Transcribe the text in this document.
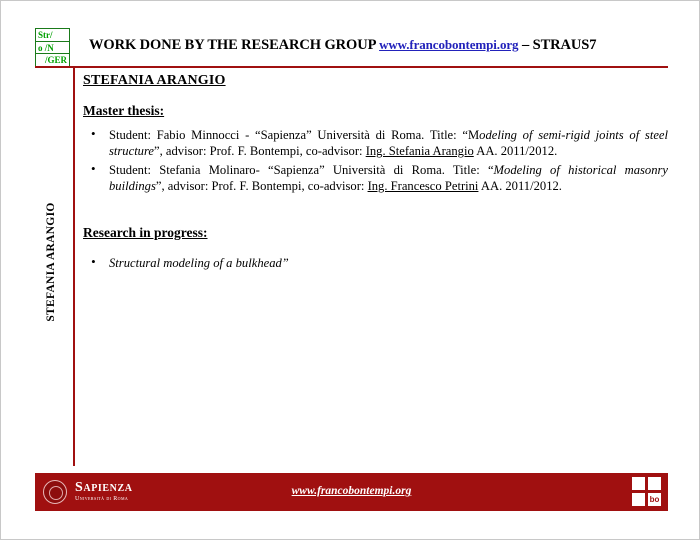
Str/
o /N
/GER
WORK DONE BY THE RESEARCH GROUP www.francobontempi.org – STRAUS7
STEFANIA ARANGIO
STEFANIA ARANGIO
Master thesis:
• Student: Fabio Minnocci - “Sapienza” Università di Roma. Title: “Modeling of semi-rigid joints of steel structure”, advisor: Prof. F. Bontempi, co-advisor: Ing. Stefania Arangio AA. 2011/2012.
• Student: Stefania Molinaro- “Sapienza” Università di Roma. Title: “Modeling of historical masonry buildings”, advisor: Prof. F. Bontempi, co-advisor: Ing. Francesco Petrini AA. 2011/2012.
Research in progress:
• Structural modeling of a bulkhead”
Sapienza
Università di Roma
www.francobontempi.org
bo
